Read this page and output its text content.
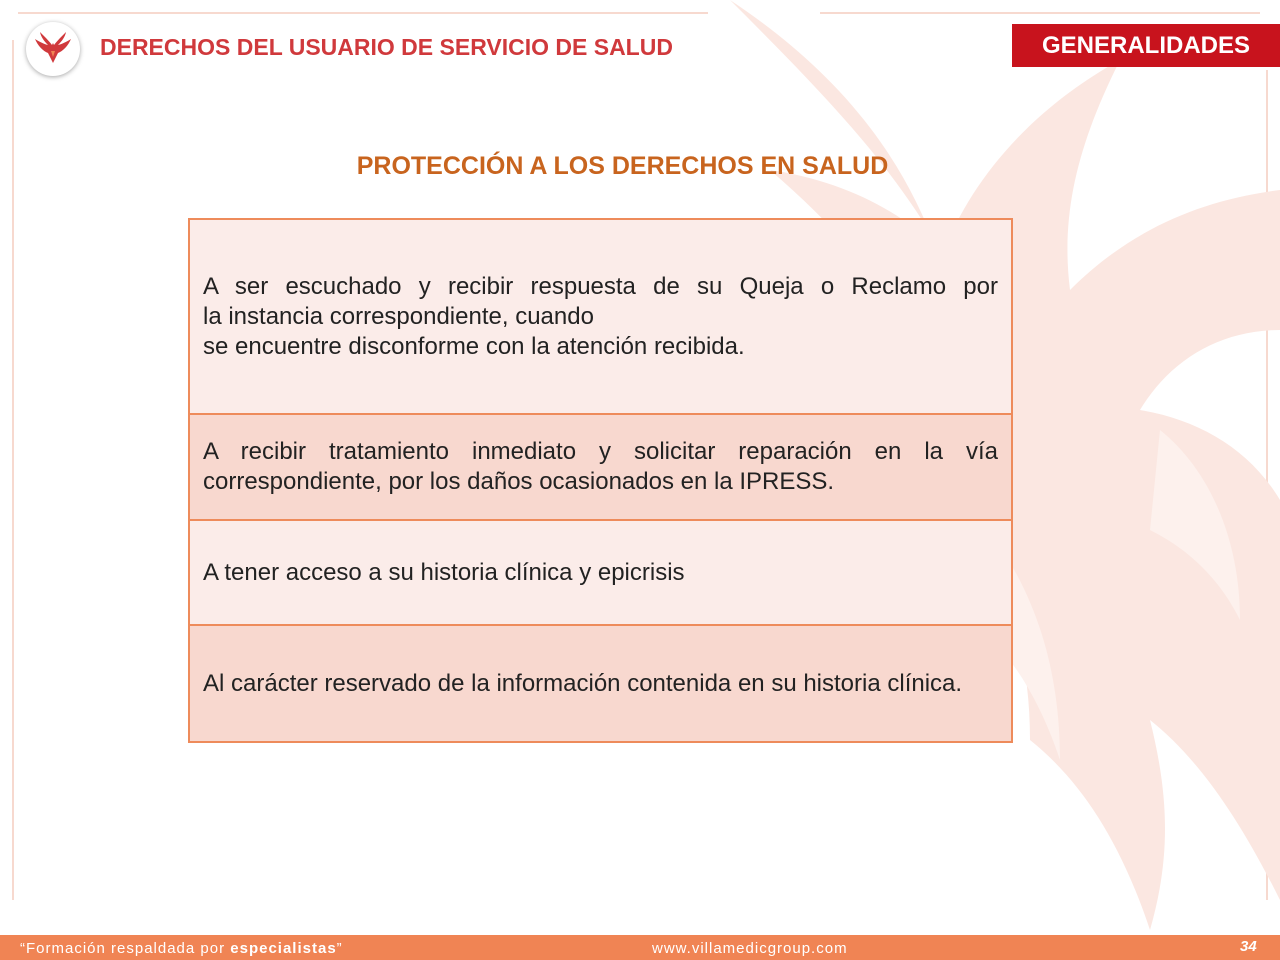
DERECHOS DEL USUARIO DE SERVICIO DE SALUD	GENERALIDADES
PROTECCIÓN A LOS DERECHOS EN SALUD
A ser escuchado y recibir respuesta de su Queja o Reclamo por
la instancia correspondiente, cuando
se encuentre disconforme con la atención recibida.
A recibir tratamiento inmediato y solicitar reparación en la vía correspondiente, por los daños ocasionados en la IPRESS.
A tener acceso a su historia clínica y epicrisis
Al carácter reservado de la información contenida en su historia clínica.
“Formación respaldada por especialistas”	www.villamedicgroup.com	34
